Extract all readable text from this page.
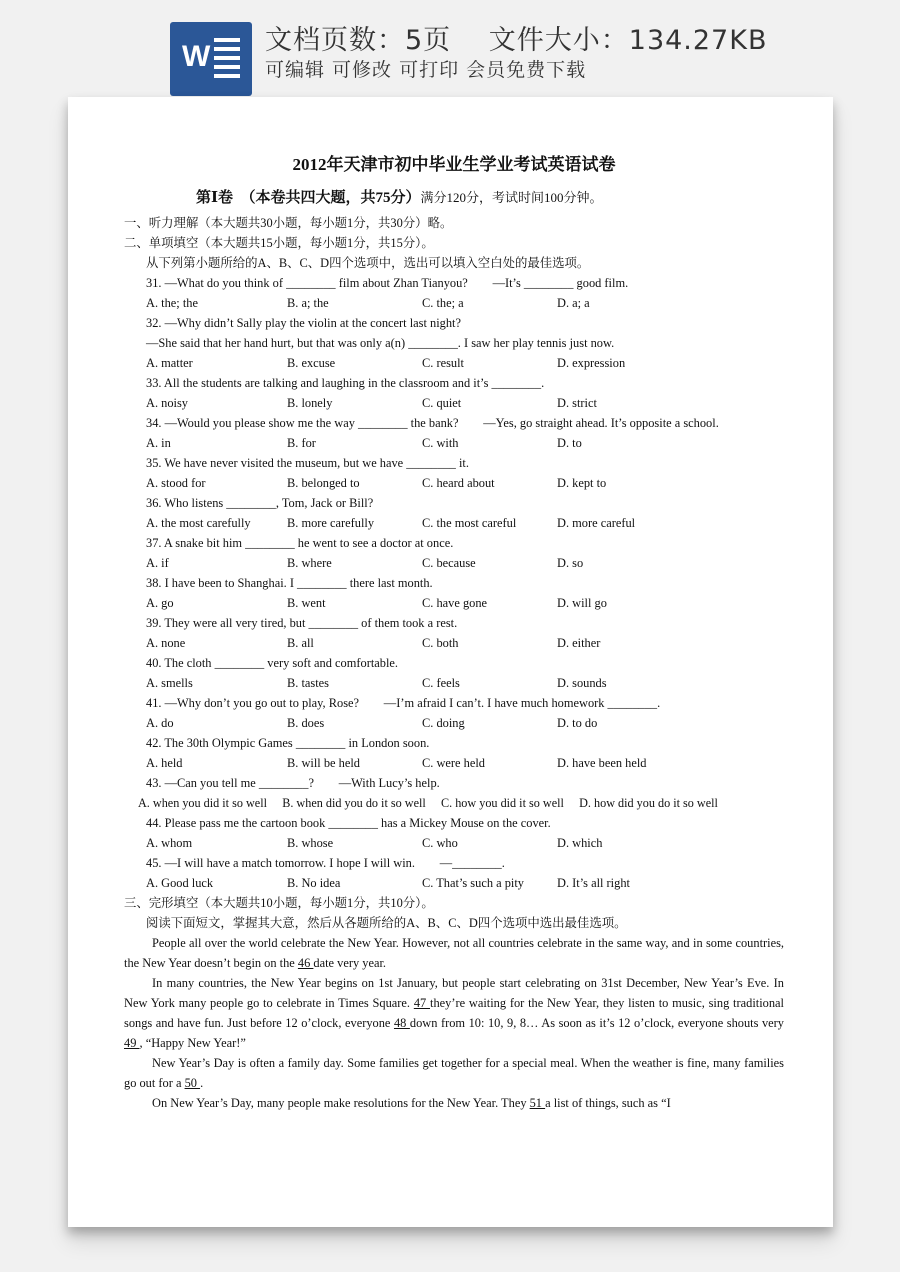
W 文档页数：5页　 文件大小：134.27KB
可编辑 可修改 可打印 会员免费下载
2012年天津市初中毕业生学业考试英语试卷
第Ⅰ卷　（本卷共四大题，共75分）满分120分，考试时间100分钟。
一、听力理解（本大题共30小题，每小题1分，共30分）略。
二、单项填空（本大题共15小题，每小题1分，共15分）。
从下列第小题所给的A、B、C、D四个选项中，选出可以填入空白处的最佳选项。
31. —What do you think of ________ film about Zhan Tianyou?　　—It’s ________ good film.
A. the; the	B. a; the	C. the; a	D. a; a
32. —Why didn’t Sally play the violin at the concert last night?
—She said that her hand hurt, but that was only a(n) ________. I saw her play tennis just now.
A. matter	B. excuse	C. result	D. expression
33. All the students are talking and laughing in the classroom and it’s ________.
A. noisy	B. lonely	C. quiet	D. strict
34. —Would you please show me the way ________ the bank?　　—Yes, go straight ahead. It’s opposite a school.
A. in	B. for	C. with	D. to
35. We have never visited the museum, but we have ________ it.
A. stood for	B. belonged to	C. heard about	D. kept to
36. Who listens ________, Tom, Jack or Bill?
A. the most carefully	B. more carefully	C. the most careful	D. more careful
37. A snake bit him ________ he went to see a doctor at once.
A. if	B. where	C. because	D. so
38. I have been to Shanghai. I ________ there last month.
A. go	B. went	C. have gone	D. will go
39. They were all very tired, but ________ of them took a rest.
A. none	B. all	C. both	D. either
40. The cloth ________ very soft and comfortable.
A. smells	B. tastes	C. feels	D. sounds
41. —Why don’t you go out to play, Rose?　　—I’m afraid I can’t. I have much homework ________.
A. do	B. does	C. doing	D. to do
42. The 30th Olympic Games ________ in London soon.
A. held	B. will be held	C. were held	D. have been held
43. —Can you tell me ________?　　—With Lucy’s help.
A. when you did it so well　 B. when did you do it so well　 C. how you did it so well　 D. how did you do it so well
44. Please pass me the cartoon book ________ has a Mickey Mouse on the cover.
A. whom	B. whose	C. who	D. which
45. —I will have a match tomorrow. I hope I will win.　　—________.
A. Good luck	B. No idea	C. That’s such a pity	D. It’s all right
三、完形填空（本大题共10小题，每小题1分，共10分）。
阅读下面短文，掌握其大意，然后从各题所给的A、B、C、D四个选项中选出最佳选项。
People all over the world celebrate the New Year. However, not all countries celebrate in the same way, and in some countries, the New Year doesn’t begin on the 46 date very year.
In many countries, the New Year begins on 1st January, but people start celebrating on 31st December, New Year’s Eve. In New York many people go to celebrate in Times Square. 47 they’re waiting for the New Year, they listen to music, sing traditional songs and have fun. Just before 12 o’clock, everyone 48 down from 10: 10, 9, 8… As soon as it’s 12 o’clock, everyone shouts very 49 , “Happy New Year!”
New Year’s Day is often a family day. Some families get together for a special meal. When the weather is fine, many families go out for a 50 .
On New Year’s Day, many people make resolutions for the New Year. They 51 a list of things, such as “I
